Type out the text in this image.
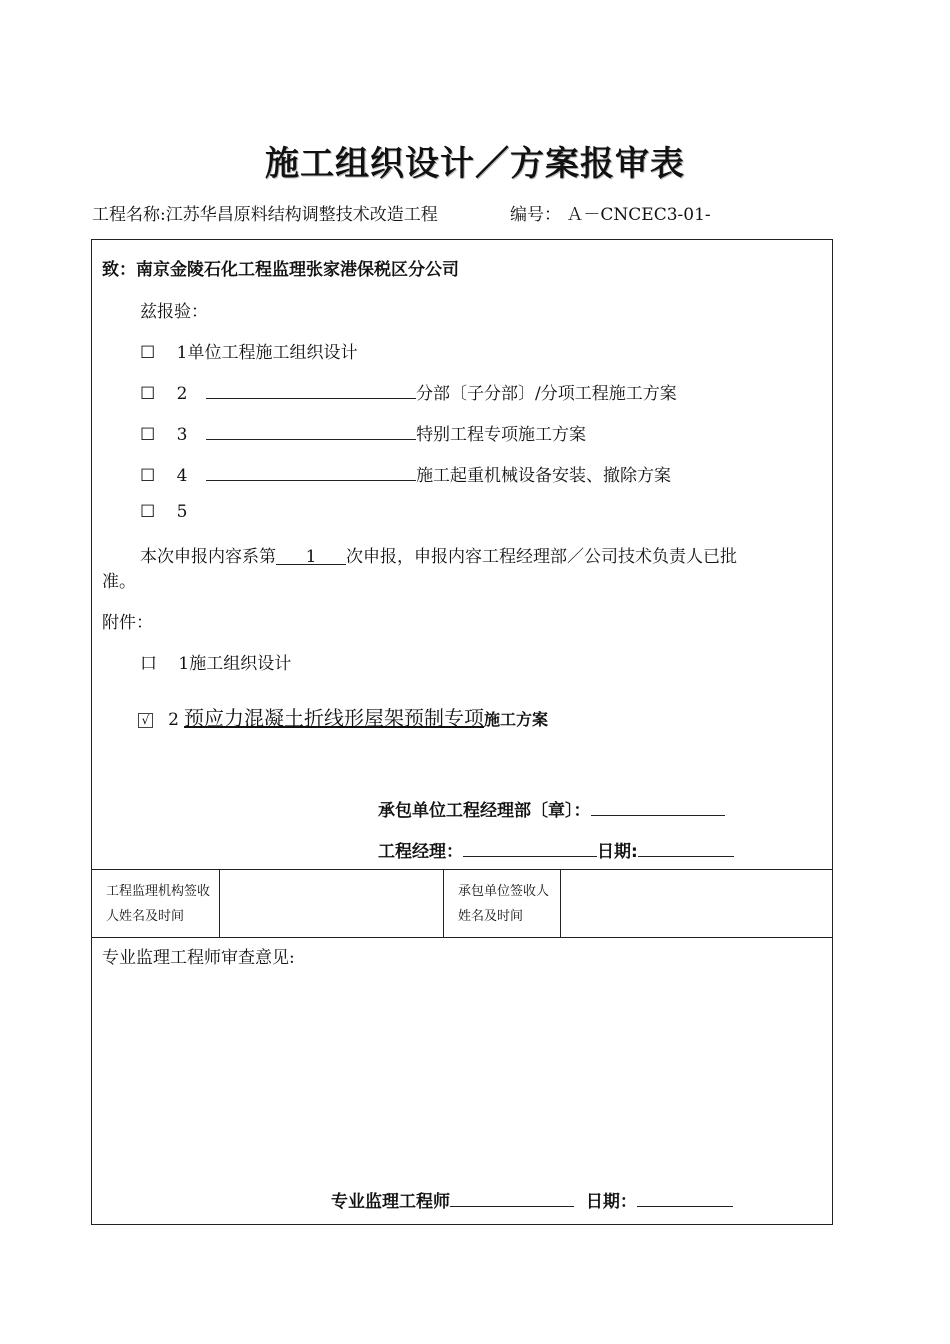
施工组织设计／方案报审表
工程名称:江苏华昌原料结构调整技术改造工程	编号： Ａ－CNCEC3-01-
致：南京金陵石化工程监理张家港保税区分公司
兹报验：
☐ 1单位工程施工组织设计
☐ 2	分部〔子分部〕/分项工程施工方案
☐ 3	特别工程专项施工方案
☐ 4	施工起重机械设备安装、撤除方案
☐ 5
本次申报内容系第 1 次申报，申报内容工程经理部／公司技术负责人已批
准。
附件：
口 1施工组织设计
√ 2 预应力混凝土折线形屋架预制专项施工方案
承包单位工程经理部〔章〕：
工程经理：	日期:
工程监理机构签收人姓名及时间
承包单位签收人姓名及时间
专业监理工程师审查意见:
专业监理工程师	日期：
